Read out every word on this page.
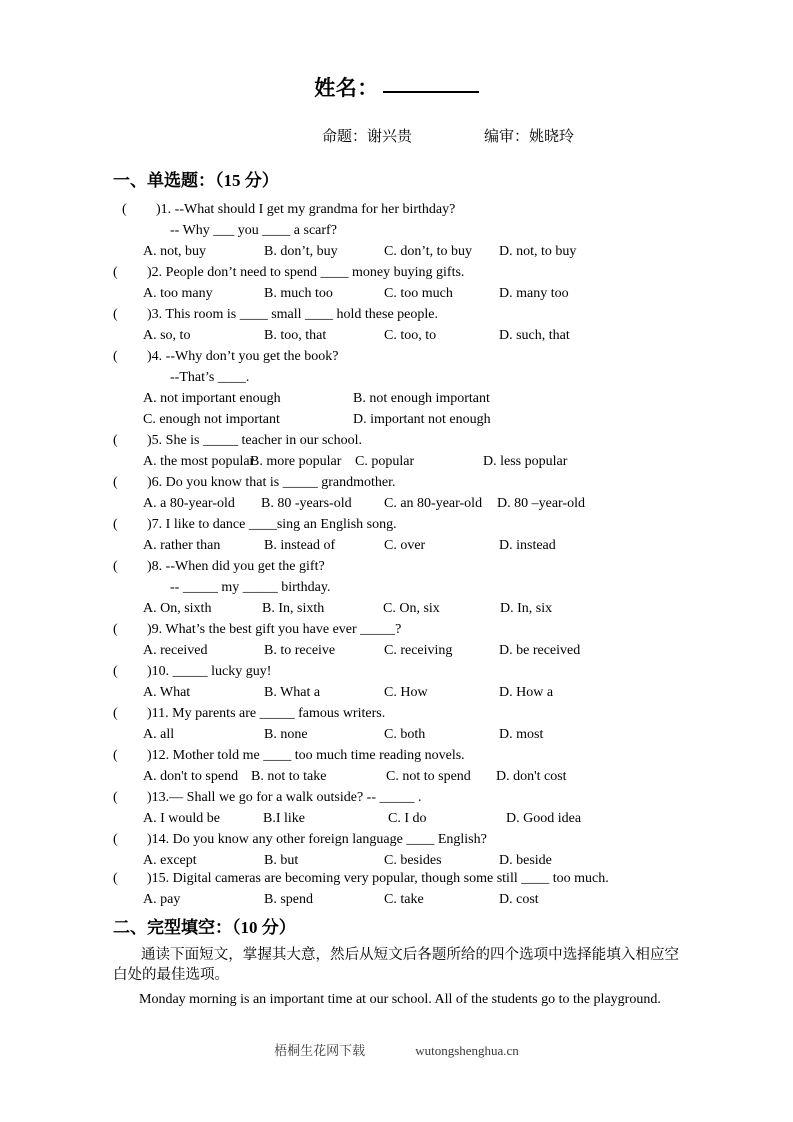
姓名：
命题：谢兴贵	编审：姚晓玲
一、单选题：（15 分）
( )1. --What should I get my grandma for her birthday?
-- Why ___ you ____ a scarf?
A. not, buy	B. don’t, buy	C. don’t, to buy D. not, to buy
( )2. People don’t need to spend ____ money buying gifts.
A. too many	B. much too	C. too much	D. many too
( )3. This room is ____ small ____ hold these people.
A. so, to	B. too, that	C. too, to	D. such, that
( )4. --Why don’t you get the book?
--That’s ____.
A. not important enough	B. not enough important
C. enough not important	D. important not enough
( )5. She is _____ teacher in our school.
A. the most popularB. more popular C. popular	D. less popular
( )6. Do you know that is _____ grandmother.
A. a 80-year-old B. 80 -years-old C. an 80-year-old D. 80 –year-old
( )7. I like to dance ____sing an English song.
A. rather than	B. instead of	C. over	D. instead
( )8. --When did you get the gift?
-- _____ my _____ birthday.
A. On, sixth	B. In, sixth	C. On, six	D. In, six
( )9. What’s the best gift you have ever _____?
A. received	B. to receive	C. receiving	D. be received
( )10. _____ lucky guy!
A. What	B. What a	C. How	D. How a
( )11. My parents are _____ famous writers.
A. all	B. none	C. both	D. most
( )12. Mother told me ____ too much time reading novels.
A. don't to spend B. not to take	C. not to spend D. don't cost
( )13.— Shall we go for a walk outside? -- _____ .
A. I would be	B.I like	C. I do	D. Good idea
( )14. Do you know any other foreign language ____ English?
A. except	B. but	C. besides	D. beside
( )15. Digital cameras are becoming very popular, though some still ____ too much.
A. pay	B. spend	C. take	D. cost
二、完型填空：（10 分）
通读下面短文，掌握其大意，然后从短文后各题所给的四个选项中选择能填入相应空白处的最佳选项。
Monday morning is an important time at our school. All of the students go to the playground.
梧桐生花网下载	wutongshenghua.cn
